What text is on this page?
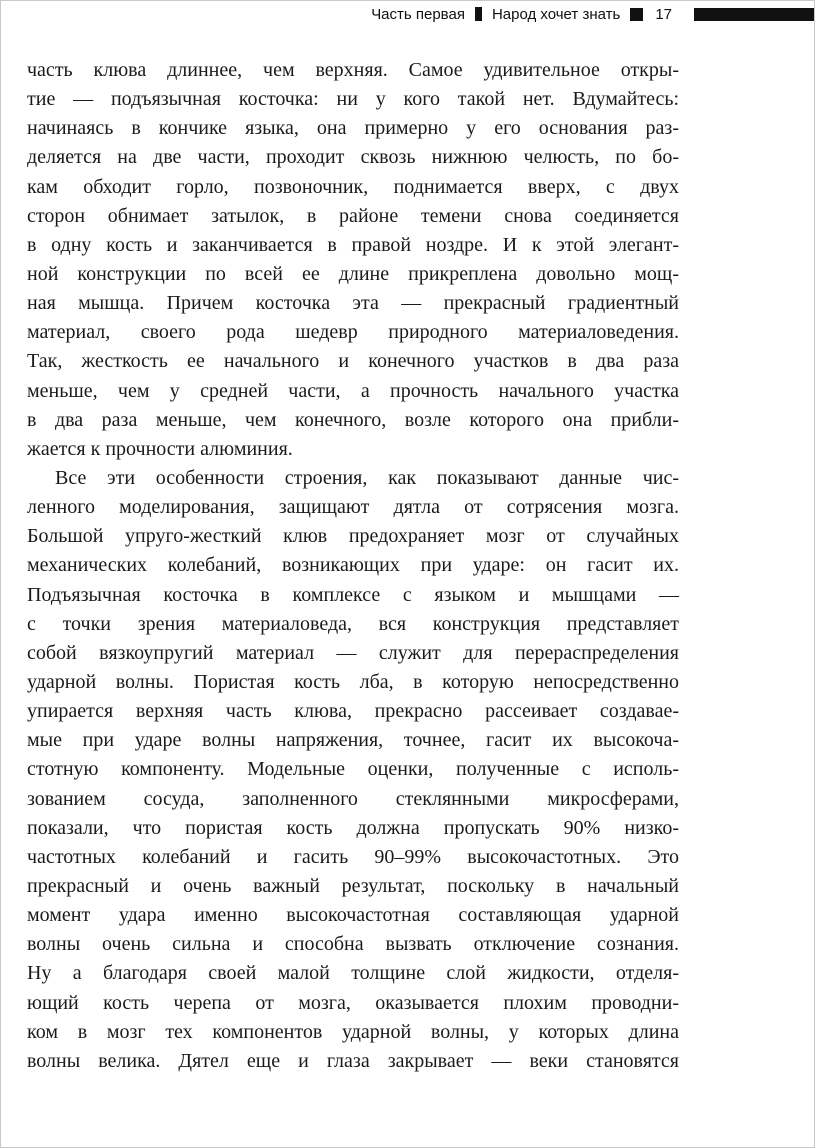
Часть первая Народ хочет знать 17
часть клюва длиннее, чем верхняя. Самое удивительное откры-
тие — подъязычная косточка: ни у кого такой нет. Вдумайтесь:
начинаясь в кончике языка, она примерно у его основания раз-
деляется на две части, проходит сквозь нижнюю челюсть, по бо-
кам обходит горло, позвоночник, поднимается вверх, с двух
сторон обнимает затылок, в районе темени снова соединяется
в одну кость и заканчивается в правой ноздре. И к этой элегант-
ной конструкции по всей ее длине прикреплена довольно мощ-
ная мышца. Причем косточка эта — прекрасный градиентный
материал, своего рода шедевр природного материаловедения.
Так, жесткость ее начального и конечного участков в два раза
меньше, чем у средней части, а прочность начального участка
в два раза меньше, чем конечного, возле которого она прибли-
жается к прочности алюминия.
Все эти особенности строения, как показывают данные чис-
ленного моделирования, защищают дятла от сотрясения мозга.
Большой упруго-жесткий клюв предохраняет мозг от случайных
механических колебаний, возникающих при ударе: он гасит их.
Подъязычная косточка в комплексе с языком и мышцами —
с точки зрения материаловеда, вся конструкция представляет
собой вязкоупругий материал — служит для перераспределения
ударной волны. Пористая кость лба, в которую непосредственно
упирается верхняя часть клюва, прекрасно рассеивает создавае-
мые при ударе волны напряжения, точнее, гасит их высокоча-
стотную компоненту. Модельные оценки, полученные с исполь-
зованием сосуда, заполненного стеклянными микросферами,
показали, что пористая кость должна пропускать 90% низко-
частотных колебаний и гасить 90–99% высокочастотных. Это
прекрасный и очень важный результат, поскольку в начальный
момент удара именно высокочастотная составляющая ударной
волны очень сильна и способна вызвать отключение сознания.
Ну а благодаря своей малой толщине слой жидкости, отделя-
ющий кость черепа от мозга, оказывается плохим проводни-
ком в мозг тех компонентов ударной волны, у которых длина
волны велика. Дятел еще и глаза закрывает — веки становятся
